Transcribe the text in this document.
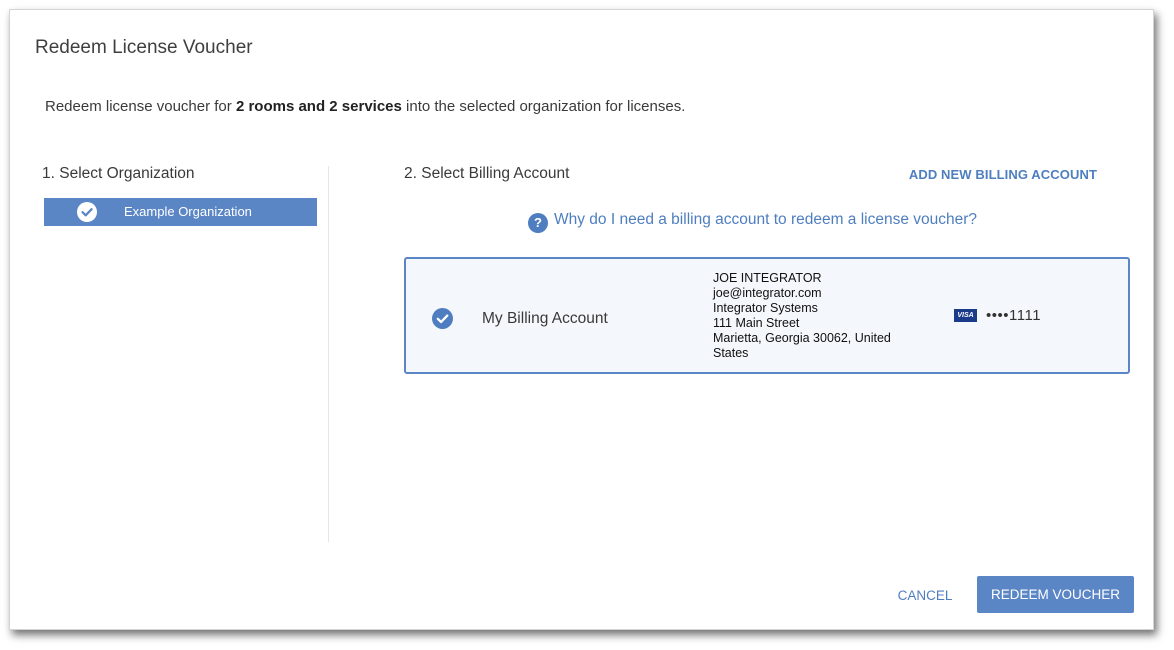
Redeem License Voucher
Redeem license voucher for 2 rooms and 2 services into the selected organization for licenses.
1. Select Organization
Example Organization
2. Select Billing Account	ADD NEW BILLING ACCOUNT
? Why do I need a billing account to redeem a license voucher?
My Billing Account
JOE INTEGRATOR
joe@integrator.com
Integrator Systems
111 Main Street
Marietta, Georgia 30062, United States
VISA ••••1111
CANCEL	REDEEM VOUCHER
